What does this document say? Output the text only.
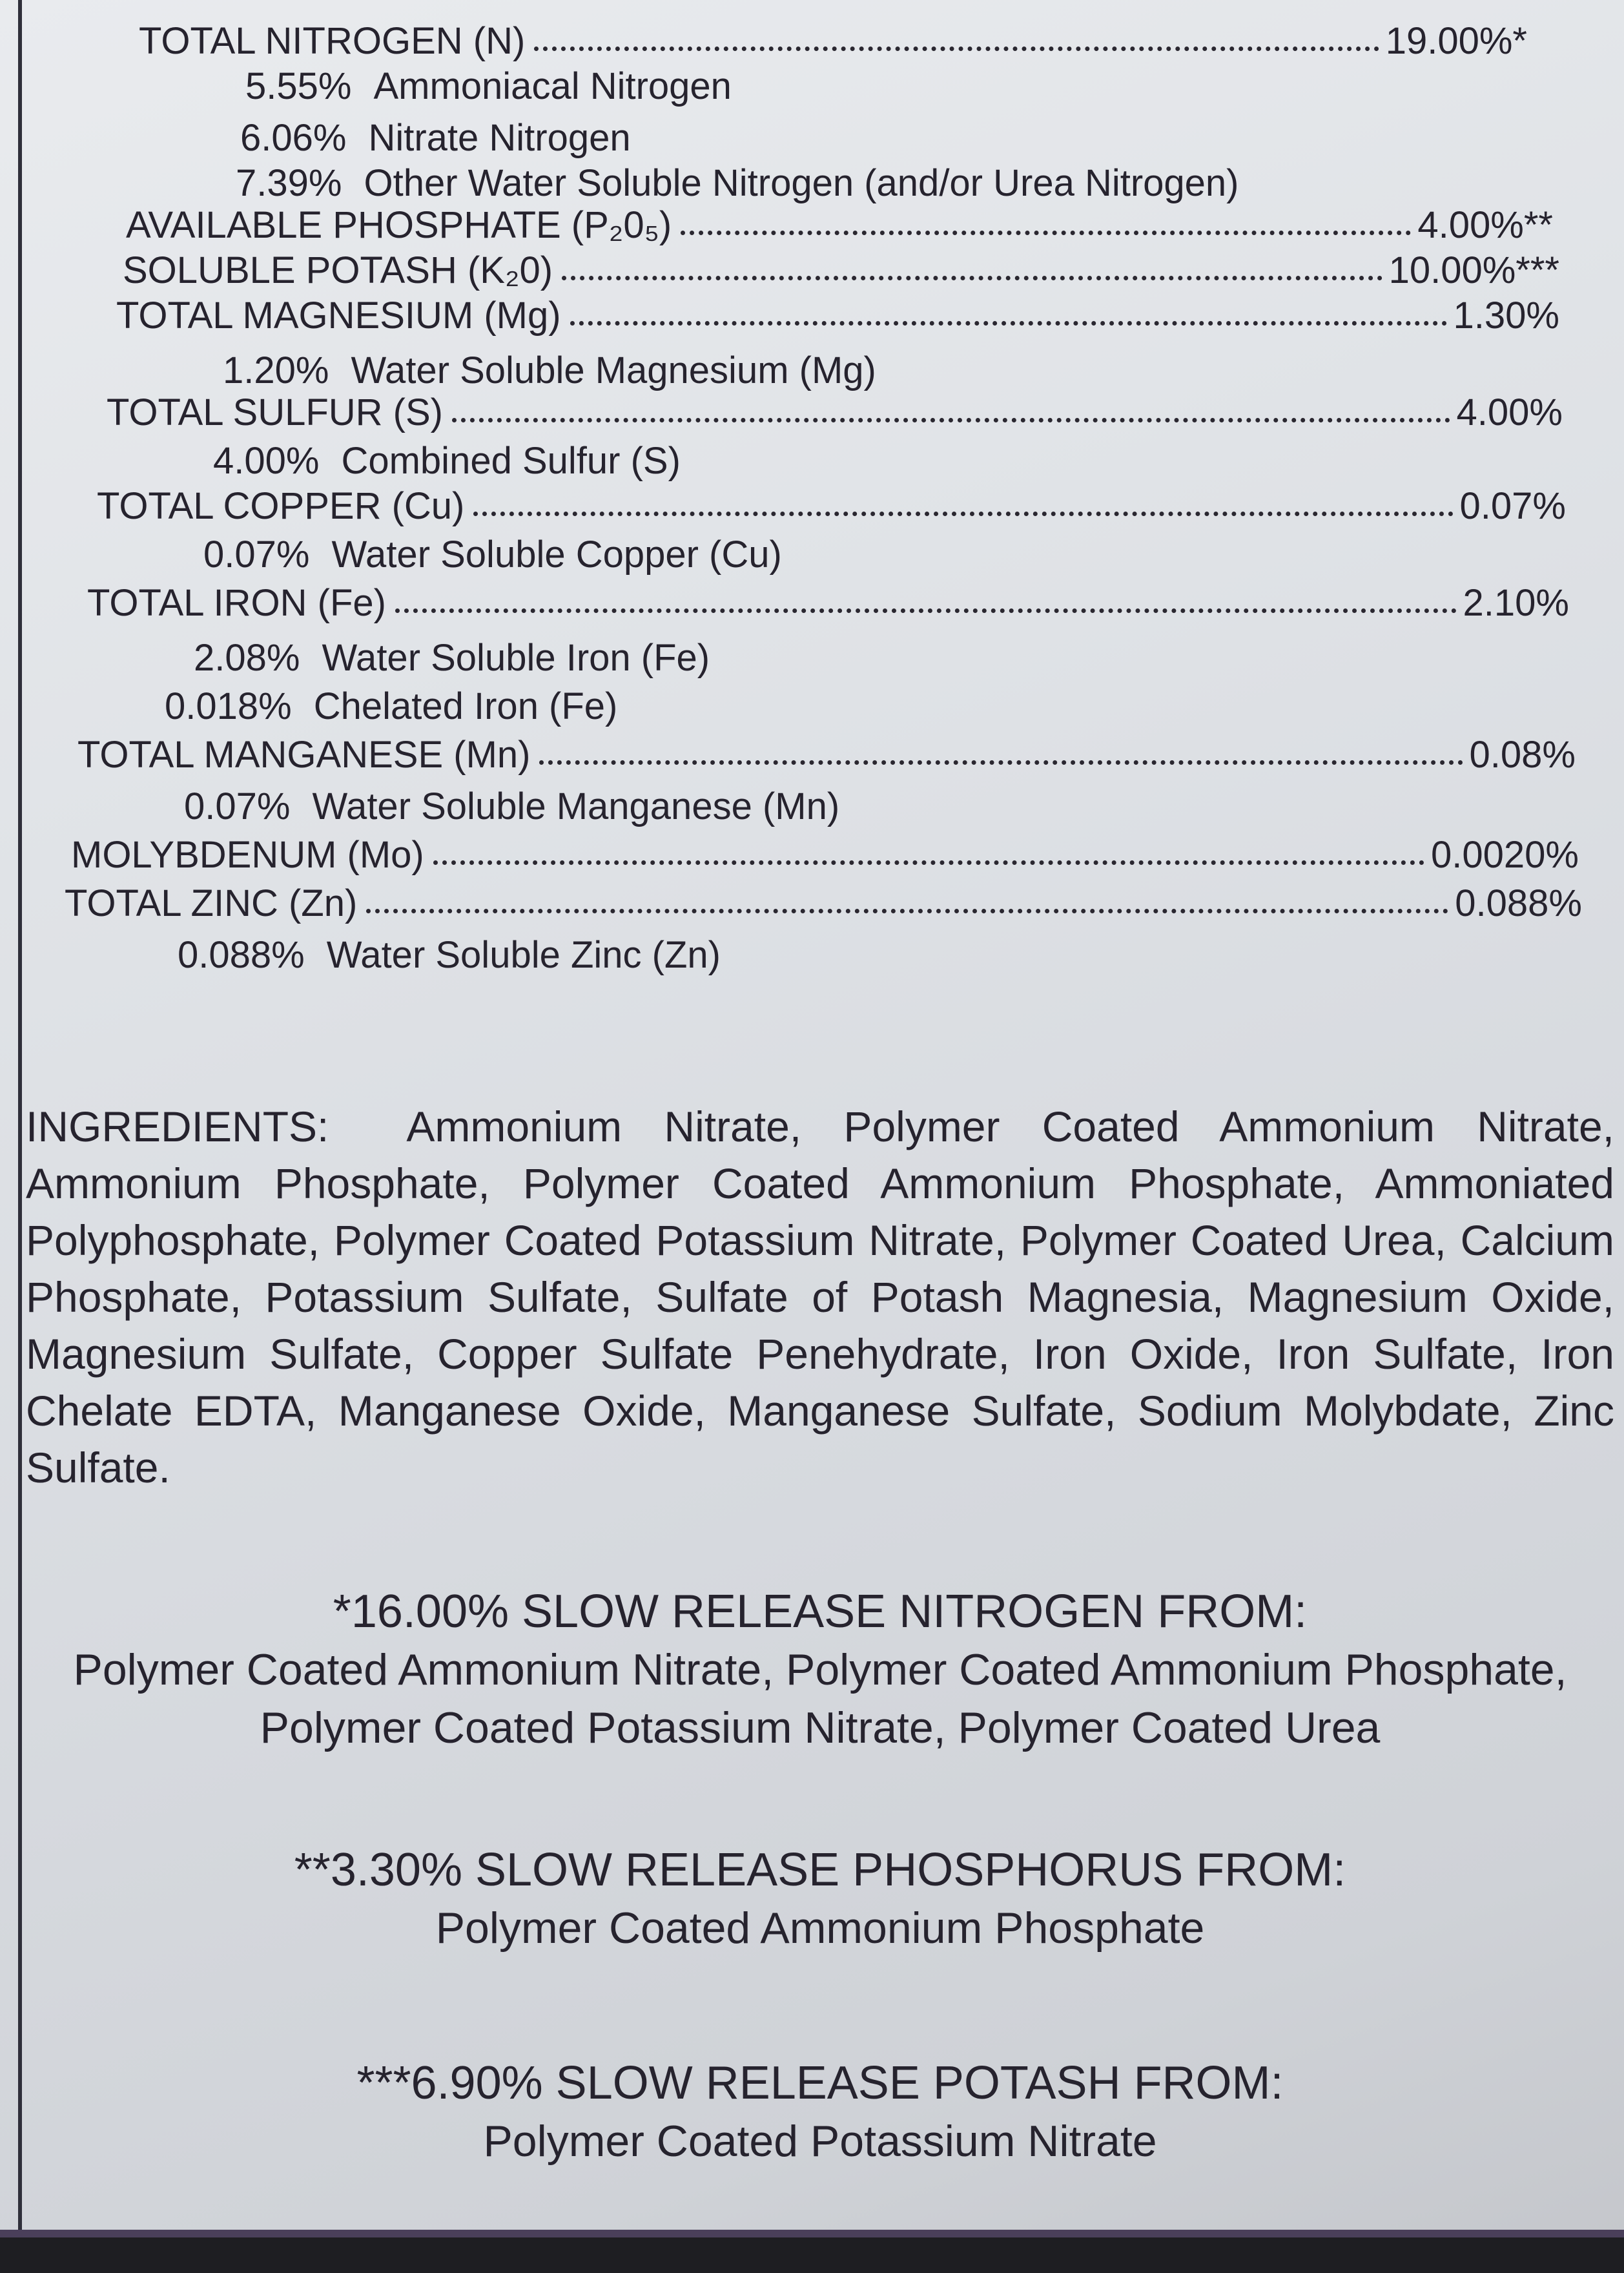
TOTAL NITROGEN (N)	19.00%*
5.55% Ammoniacal Nitrogen
6.06% Nitrate Nitrogen
7.39% Other Water Soluble Nitrogen (and/or Urea Nitrogen)
AVAILABLE PHOSPHATE (P₂0₅)	4.00%**
SOLUBLE POTASH (K₂0)	10.00%***
TOTAL MAGNESIUM (Mg)	1.30%
1.20% Water Soluble Magnesium (Mg)
TOTAL SULFUR (S)	4.00%
4.00% Combined Sulfur (S)
TOTAL COPPER (Cu)	0.07%
0.07% Water Soluble Copper (Cu)
TOTAL IRON (Fe)	2.10%
2.08% Water Soluble Iron (Fe)
0.018% Chelated Iron (Fe)
TOTAL MANGANESE (Mn)	0.08%
0.07% Water Soluble Manganese (Mn)
MOLYBDENUM (Mo)	0.0020%
TOTAL ZINC (Zn)	0.088%
0.088% Water Soluble Zinc (Zn)
INGREDIENTS: Ammonium Nitrate, Polymer Coated Ammonium Nitrate, Ammonium Phosphate, Polymer Coated Ammonium Phosphate, Ammoniated Polyphosphate, Polymer Coated Potassium Nitrate, Polymer Coated Urea, Calcium Phosphate, Potassium Sulfate, Sulfate of Potash Magnesia, Magnesium Oxide, Magnesium Sulfate, Copper Sulfate Penehydrate, Iron Oxide, Iron Sulfate, Iron Chelate EDTA, Manganese Oxide, Manganese Sulfate, Sodium Molybdate, Zinc Sulfate.
*16.00% SLOW RELEASE NITROGEN FROM:
Polymer Coated Ammonium Nitrate, Polymer Coated Ammonium Phosphate,
Polymer Coated Potassium Nitrate, Polymer Coated Urea
**3.30% SLOW RELEASE PHOSPHORUS FROM:
Polymer Coated Ammonium Phosphate
***6.90% SLOW RELEASE POTASH FROM:
Polymer Coated Potassium Nitrate
